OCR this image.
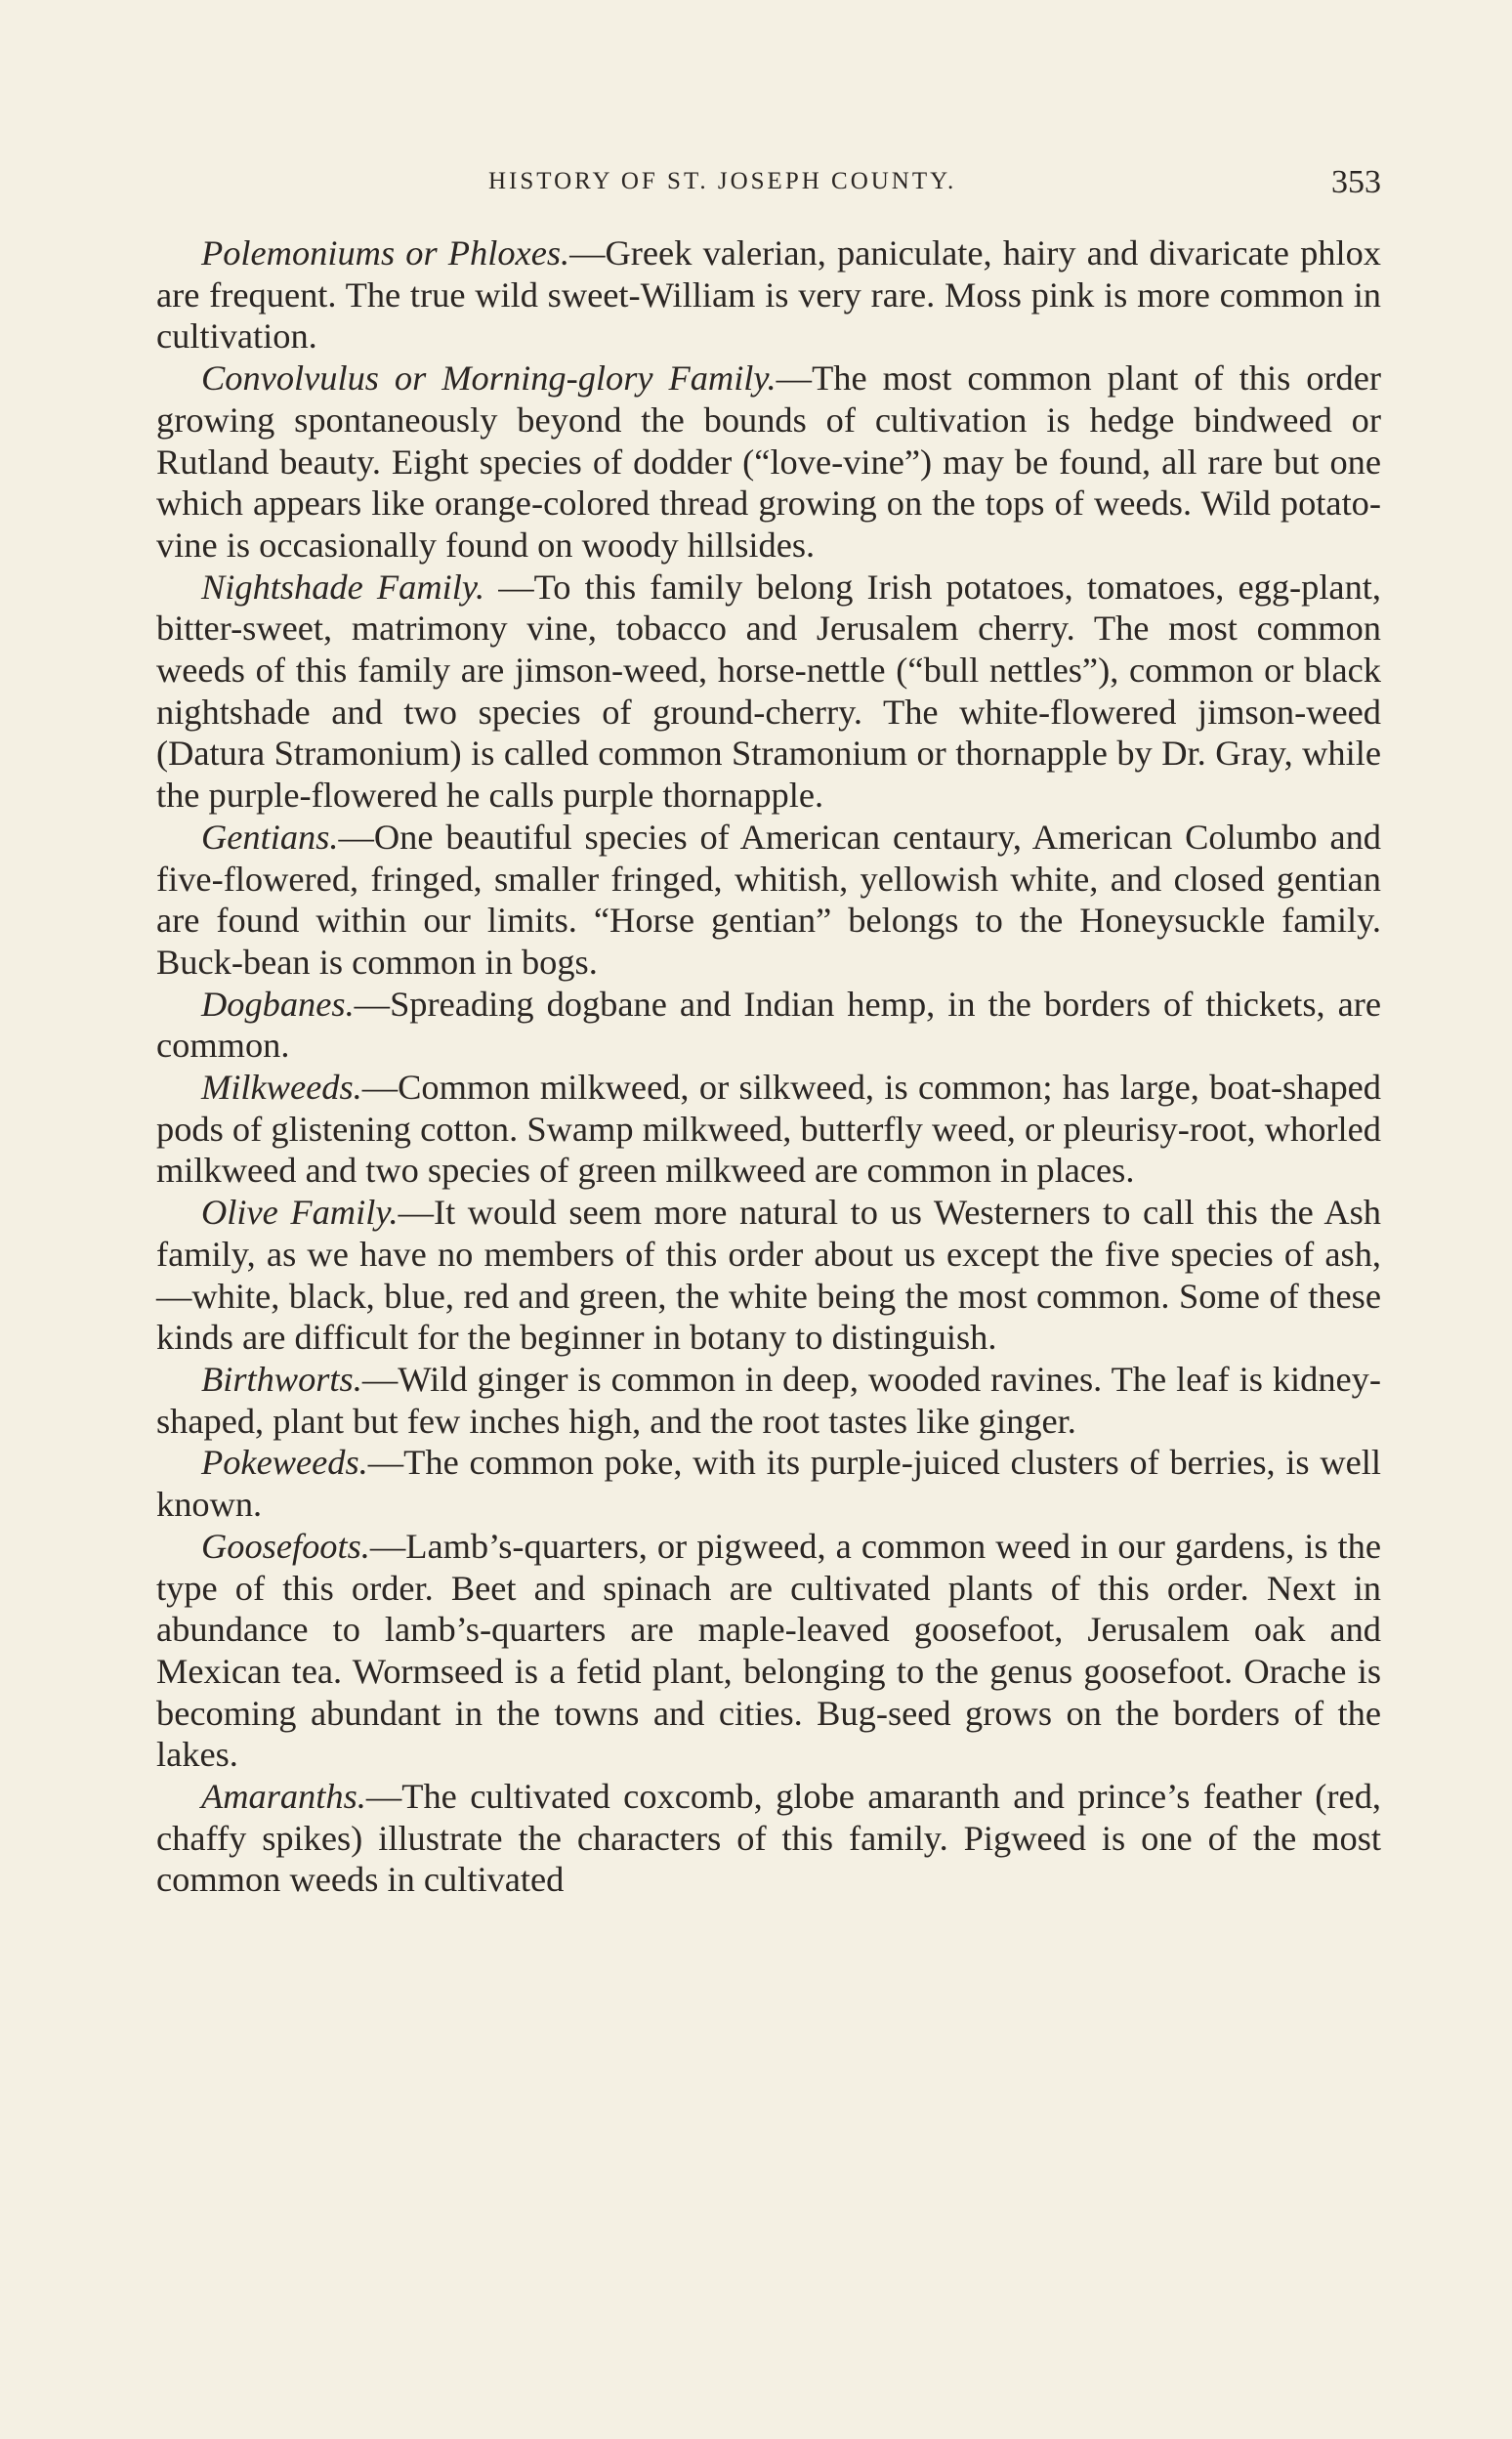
HISTORY OF ST. JOSEPH COUNTY.	353

Polemoniums or Phloxes.—Greek valerian, paniculate, hairy and divaricate phlox are frequent. The true wild sweet-William is very rare. Moss pink is more common in cultivation.

Convolvulus or Morning-glory Family.—The most common plant of this order growing spontaneously beyond the bounds of cultivation is hedge bindweed or Rutland beauty. Eight species of dodder (“love-vine”) may be found, all rare but one which appears like orange-colored thread growing on the tops of weeds. Wild potato-vine is occasionally found on woody hillsides.

Nightshade Family. —To this family belong Irish potatoes, tomatoes, egg-plant, bitter-sweet, matrimony vine, tobacco and Jerusalem cherry. The most common weeds of this family are jimson-weed, horse-nettle (“bull nettles”), common or black nightshade and two species of ground-cherry. The white-flowered jimson-weed (Datura Stramonium) is called common Stramonium or thornapple by Dr. Gray, while the purple-flowered he calls purple thornapple.

Gentians.—One beautiful species of American centaury, American Columbo and five-flowered, fringed, smaller fringed, whitish, yellowish white, and closed gentian are found within our limits. “Horse gentian” belongs to the Honeysuckle family. Buck-bean is common in bogs.

Dogbanes.—Spreading dogbane and Indian hemp, in the borders of thickets, are common.

Milkweeds.—Common milkweed, or silkweed, is common; has large, boat-shaped pods of glistening cotton. Swamp milkweed, butterfly weed, or pleurisy-root, whorled milkweed and two species of green milkweed are common in places.

Olive Family.—It would seem more natural to us Westerners to call this the Ash family, as we have no members of this order about us except the five species of ash,—white, black, blue, red and green, the white being the most common. Some of these kinds are difficult for the beginner in botany to distinguish.

Birthworts.—Wild ginger is common in deep, wooded ravines. The leaf is kidney-shaped, plant but few inches high, and the root tastes like ginger.

Pokeweeds.—The common poke, with its purple-juiced clusters of berries, is well known.

Goosefoots.—Lamb’s-quarters, or pigweed, a common weed in our gardens, is the type of this order. Beet and spinach are cultivated plants of this order. Next in abundance to lamb’s-quarters are maple-leaved goosefoot, Jerusalem oak and Mexican tea. Wormseed is a fetid plant, belonging to the genus goosefoot. Orache is becoming abundant in the towns and cities. Bug-seed grows on the borders of the lakes.

Amaranths.—The cultivated coxcomb, globe amaranth and prince’s feather (red, chaffy spikes) illustrate the characters of this family. Pigweed is one of the most common weeds in cultivated
